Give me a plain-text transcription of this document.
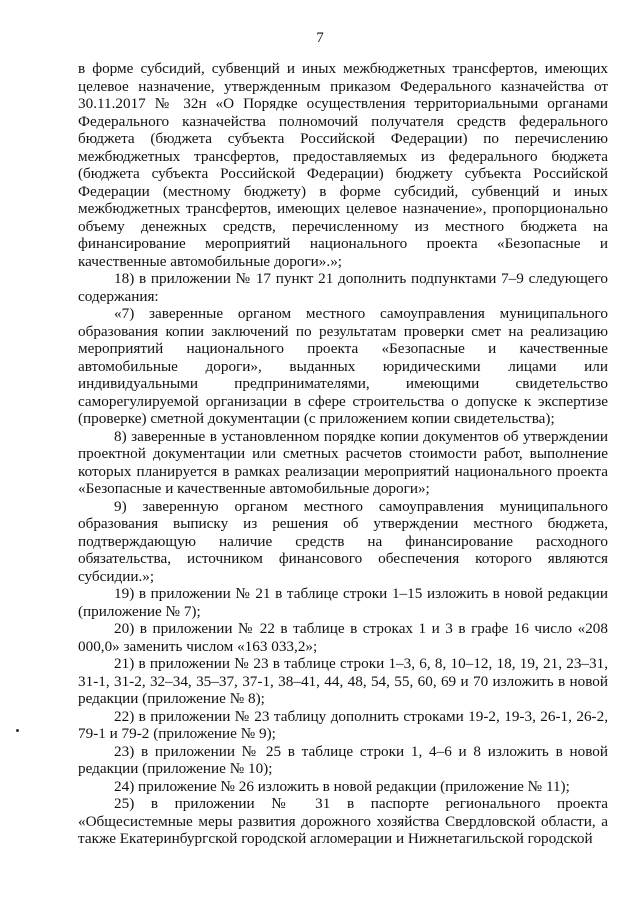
7

в форме субсидий, субвенций и иных межбюджетных трансфертов, имеющих целевое назначение, утвержденным приказом Федерального казначейства от 30.11.2017 № 32н «О Порядке осуществления территориальными органами Федерального казначейства полномочий получателя средств федерального бюджета (бюджета субъекта Российской Федерации) по перечислению межбюджетных трансфертов, предоставляемых из федерального бюджета (бюджета субъекта Российской Федерации) бюджету субъекта Российской Федерации (местному бюджету) в форме субсидий, субвенций и иных межбюджетных трансфертов, имеющих целевое назначение», пропорционально объему денежных средств, перечисленному из местного бюджета на финансирование мероприятий национального проекта «Безопасные и качественные автомобильные дороги».»;

18) в приложении № 17 пункт 21 дополнить подпунктами 7–9 следующего содержания:

«7) заверенные органом местного самоуправления муниципального образования копии заключений по результатам проверки смет на реализацию мероприятий национального проекта «Безопасные и качественные автомобильные дороги», выданных юридическими лицами или индивидуальными предпринимателями, имеющими свидетельство саморегулируемой организации в сфере строительства о допуске к экспертизе (проверке) сметной документации (с приложением копии свидетельства);

8) заверенные в установленном порядке копии документов об утверждении проектной документации или сметных расчетов стоимости работ, выполнение которых планируется в рамках реализации мероприятий национального проекта «Безопасные и качественные автомобильные дороги»;

9) заверенную органом местного самоуправления муниципального образования выписку из решения об утверждении местного бюджета, подтверждающую наличие средств на финансирование расходного обязательства, источником финансового обеспечения которого являются субсидии.»;

19) в приложении № 21 в таблице строки 1–15 изложить в новой редакции (приложение № 7);

20) в приложении № 22 в таблице в строках 1 и 3 в графе 16 число «208 000,0» заменить числом «163 033,2»;

21) в приложении № 23 в таблице строки 1–3, 6, 8, 10–12, 18, 19, 21, 23–31, 31-1, 31-2, 32–34, 35–37, 37-1, 38–41, 44, 48, 54, 55, 60, 69 и 70 изложить в новой редакции (приложение № 8);

22) в приложении № 23 таблицу дополнить строками 19-2, 19-3, 26-1, 26-2, 79-1 и 79-2 (приложение № 9);

23) в приложении № 25 в таблице строки 1, 4–6 и 8 изложить в новой редакции (приложение № 10);

24) приложение № 26 изложить в новой редакции (приложение № 11);

25) в приложении № 31 в паспорте регионального проекта «Общесистемные меры развития дорожного хозяйства Свердловской области, а также Екатеринбургской городской агломерации и Нижнетагильской городской
